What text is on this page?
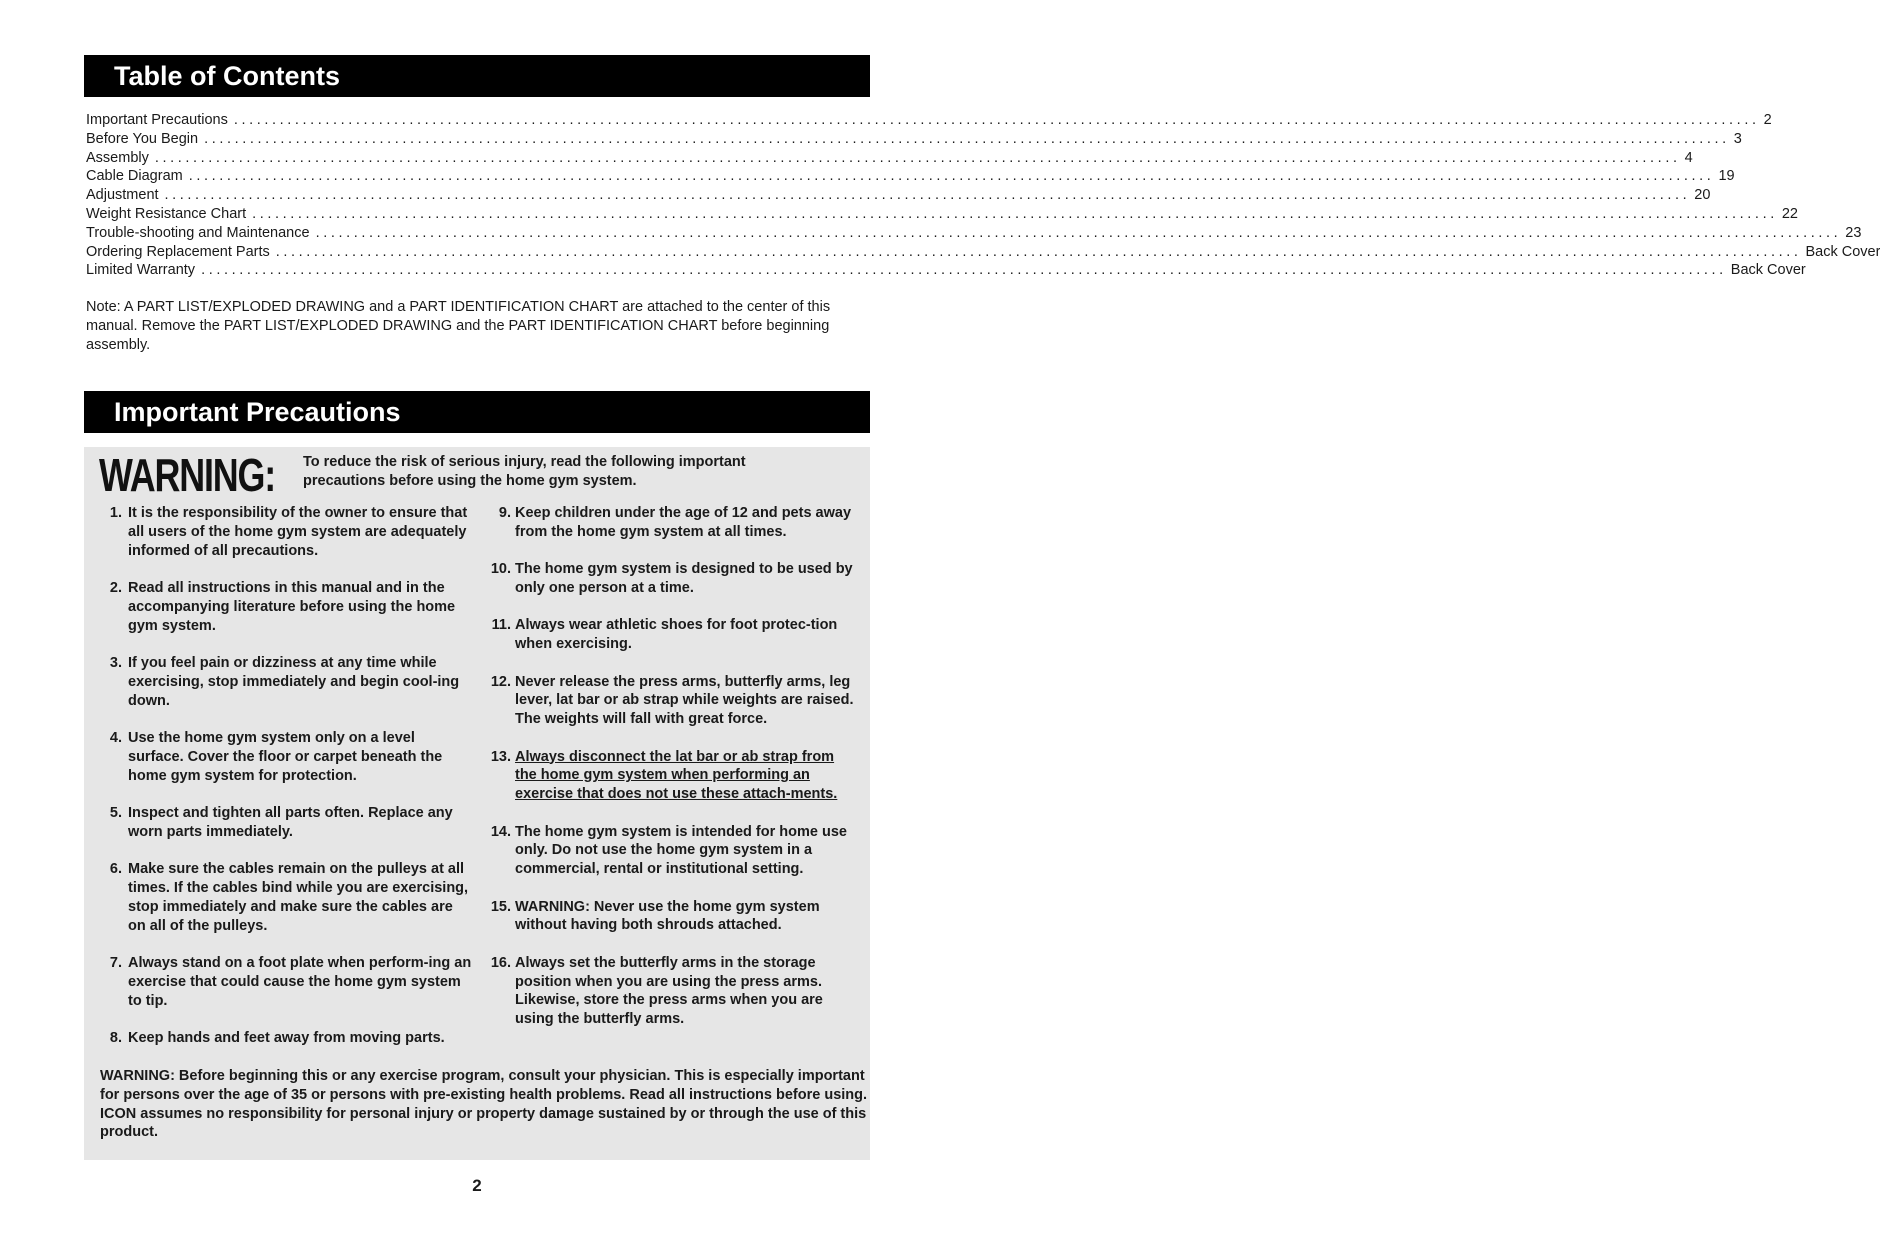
Table of Contents
Important Precautions ........................................................................................................................................................................................................ 2
Before You Begin ........................................................................................................................................................................................................ 3
Assembly ........................................................................................................................................................................................................ 4
Cable Diagram ........................................................................................................................................................................................................ 19
Adjustment ........................................................................................................................................................................................................ 20
Weight Resistance Chart ........................................................................................................................................................................................................ 22
Trouble-shooting and Maintenance ........................................................................................................................................................................................................ 23
Ordering Replacement Parts ........................................................................................................................................................................................................ Back Cover
Limited Warranty ........................................................................................................................................................................................................ Back Cover

Note: A PART LIST/EXPLODED DRAWING and a PART IDENTIFICATION CHART are attached to the center of this manual. Remove the PART LIST/EXPLODED DRAWING and the PART IDENTIFICATION CHART before beginning assembly.

Important Precautions
WARNING: To reduce the risk of serious injury, read the following important precautions before using the home gym system.

1. It is the responsibility of the owner to ensure that all users of the home gym system are adequately informed of all precautions.
2. Read all instructions in this manual and in the accompanying literature before using the home gym system.
3. If you feel pain or dizziness at any time while exercising, stop immediately and begin cool-ing down.
4. Use the home gym system only on a level surface. Cover the floor or carpet beneath the home gym system for protection.
5. Inspect and tighten all parts often. Replace any worn parts immediately.
6. Make sure the cables remain on the pulleys at all times. If the cables bind while you are exercising, stop immediately and make sure the cables are on all of the pulleys.
7. Always stand on a foot plate when perform-ing an exercise that could cause the home gym system to tip.
8. Keep hands and feet away from moving parts.
9. Keep children under the age of 12 and pets away from the home gym system at all times.
10. The home gym system is designed to be used by only one person at a time.
11. Always wear athletic shoes for foot protec-tion when exercising.
12. Never release the press arms, butterfly arms, leg lever, lat bar or ab strap while weights are raised. The weights will fall with great force.
13. Always disconnect the lat bar or ab strap from the home gym system when performing an exercise that does not use these attach-ments.
14. The home gym system is intended for home use only. Do not use the home gym system in a commercial, rental or institutional setting.
15. WARNING: Never use the home gym system without having both shrouds attached.
16. Always set the butterfly arms in the storage position when you are using the press arms. Likewise, store the press arms when you are using the butterfly arms.

WARNING: Before beginning this or any exercise program, consult your physician. This is especially important for persons over the age of 35 or persons with pre-existing health problems. Read all instructions before using. ICON assumes no responsibility for personal injury or property damage sustained by or through the use of this product.

2
